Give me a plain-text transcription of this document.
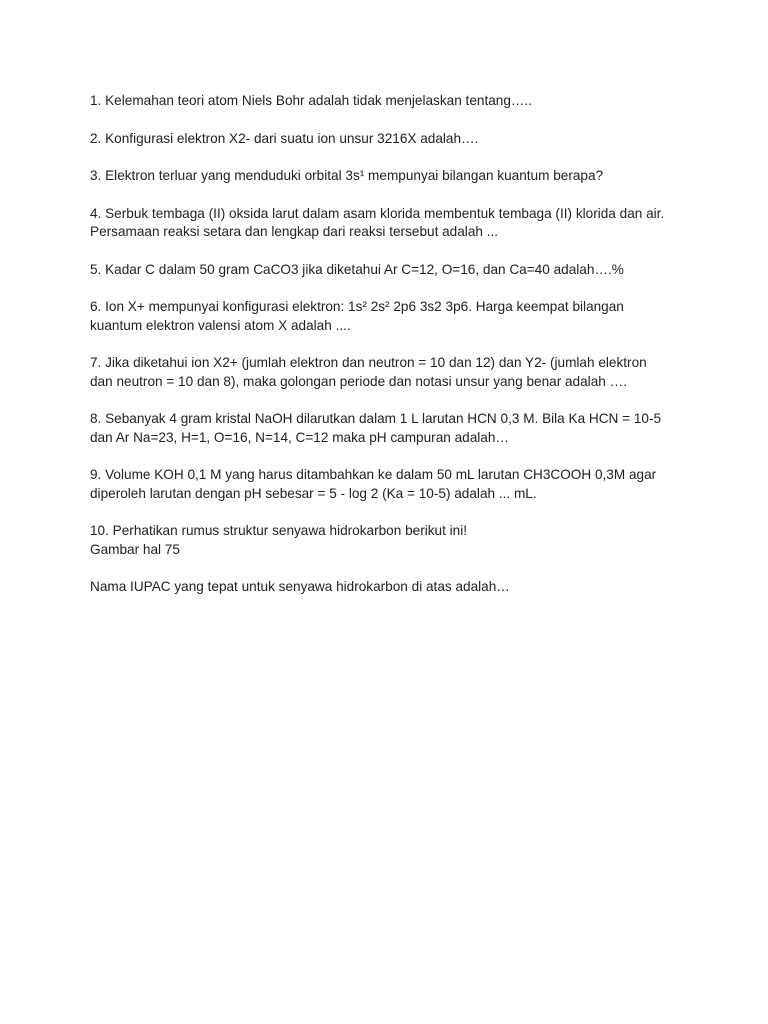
1. Kelemahan teori atom Niels Bohr adalah tidak menjelaskan tentang…..
2. Konfigurasi elektron X2- dari suatu ion unsur 3216X adalah….
3. Elektron terluar yang menduduki orbital 3s¹ mempunyai bilangan kuantum berapa?
4. Serbuk tembaga (II) oksida larut dalam asam klorida membentuk tembaga (II) klorida dan air.
Persamaan reaksi setara dan lengkap dari reaksi tersebut adalah ...
5. Kadar C dalam 50 gram CaCO3 jika diketahui Ar C=12, O=16, dan Ca=40 adalah….%
6. Ion X+ mempunyai konfigurasi elektron: 1s² 2s² 2p6 3s2 3p6. Harga keempat bilangan
kuantum elektron valensi atom X adalah ....
7. Jika diketahui ion X2+ (jumlah elektron dan neutron = 10 dan 12) dan Y2- (jumlah elektron
dan neutron = 10 dan 8), maka golongan periode dan notasi unsur yang benar adalah ….
8. Sebanyak 4 gram kristal NaOH dilarutkan dalam 1 L larutan HCN 0,3 M. Bila Ka HCN = 10-5
dan Ar Na=23, H=1, O=16, N=14, C=12 maka pH campuran adalah…
9. Volume KOH 0,1 M yang harus ditambahkan ke dalam 50 mL larutan CH3COOH 0,3M agar
diperoleh larutan dengan pH sebesar = 5 - log 2 (Ka = 10-5) adalah ... mL.
10. Perhatikan rumus struktur senyawa hidrokarbon berikut ini!
Gambar hal 75
Nama IUPAC yang tepat untuk senyawa hidrokarbon di atas adalah…
